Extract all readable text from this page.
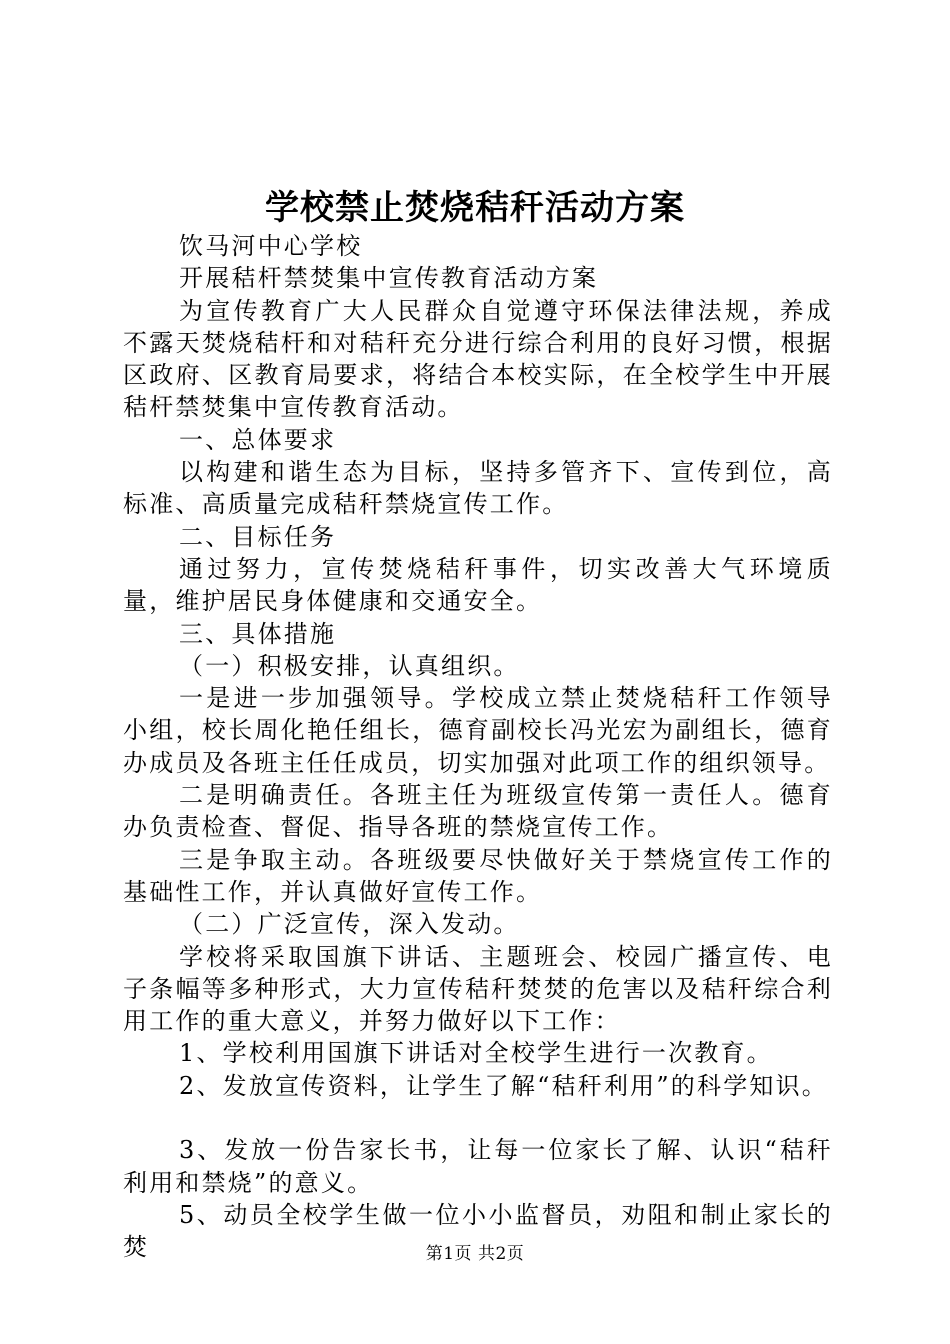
学校禁止焚烧秸秆活动方案

饮马河中心学校

开展秸杆禁焚集中宣传教育活动方案

为宣传教育广大人民群众自觉遵守环保法律法规，养成不露天焚烧秸杆和对秸秆充分进行综合利用的良好习惯，根据区政府、区教育局要求，将结合本校实际，在全校学生中开展秸杆禁焚集中宣传教育活动。

一、总体要求

以构建和谐生态为目标，坚持多管齐下、宣传到位，高标准、高质量完成秸秆禁烧宣传工作。

二、目标任务

通过努力，宣传焚烧秸秆事件，切实改善大气环境质量，维护居民身体健康和交通安全。

三、具体措施

（一）积极安排，认真组织。

一是进一步加强领导。学校成立禁止焚烧秸秆工作领导小组，校长周化艳任组长，德育副校长冯光宏为副组长，德育办成员及各班主任任成员，切实加强对此项工作的组织领导。

二是明确责任。各班主任为班级宣传第一责任人。德育办负责检查、督促、指导各班的禁烧宣传工作。

三是争取主动。各班级要尽快做好关于禁烧宣传工作的基础性工作，并认真做好宣传工作。

（二）广泛宣传，深入发动。

学校将采取国旗下讲话、主题班会、校园广播宣传、电子条幅等多种形式，大力宣传秸秆焚焚的危害以及秸秆综合利用工作的重大意义，并努力做好以下工作：

1、学校利用国旗下讲话对全校学生进行一次教育。

2、发放宣传资料，让学生了解“秸秆利用”的科学知识。

3、发放一份告家长书，让每一位家长了解、认识“秸秆利用和禁烧”的意义。

5、动员全校学生做一位小小监督员，劝阻和制止家长的焚	第1页 共2页
